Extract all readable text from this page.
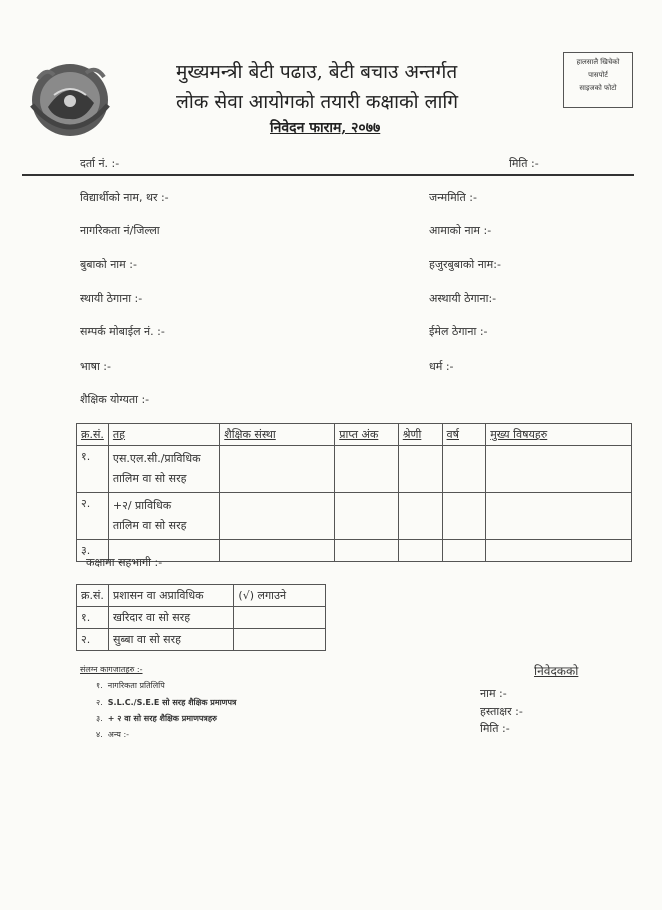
मुख्यमन्त्री बेटी पढाउ, बेटी बचाउ अन्तर्गत
लोक सेवा आयोगको तयारी कक्षाको लागि
निवेदन फाराम, २०७७
हालसालै खिचेको
पासपोर्ट
साइजको फोटो
दर्ता नं. :-	मिति :-
विद्यार्थीको नाम, थर :-	जन्ममिति :-
नागरिकता नं/जिल्ला	आमाको नाम :-
बुबाको नाम :-	हजुरबुबाको नाम:-
स्थायी ठेगाना :-	अस्थायी ठेगाना:-
सम्पर्क मोबाईल नं. :-	ईमेल ठेगाना :-
भाषा :-	धर्म :-
शैक्षिक योग्यता :-
क्र.सं.	तह	शैक्षिक संस्था	प्राप्त अंक	श्रेणी	वर्ष	मुख्य विषयहरु
१.	एस.एल.सी./प्राविधिक
तालिम वा सो सरह					

२.	+२/ प्राविधिक
तालिम वा सो सरह					

३.						
कक्षामा सहभागी :-
क्र.सं.	प्रशासन वा अप्राविधिक	(√) लगाउने
१.	खरिदार वा सो सरह	
२.	सुब्बा वा सो सरह	
संलग्न कागजातहरु :-
१. नागरिकता प्रतिलिपि
२. S.L.C./S.E.E सो सरह शैक्षिक प्रमाणपत्र
३. + २ वा सो सरह शैक्षिक प्रमाणपत्रहरु
४. अन्य :-
निवेदकको
नाम :-
हस्ताक्षर :-
मिति :-
